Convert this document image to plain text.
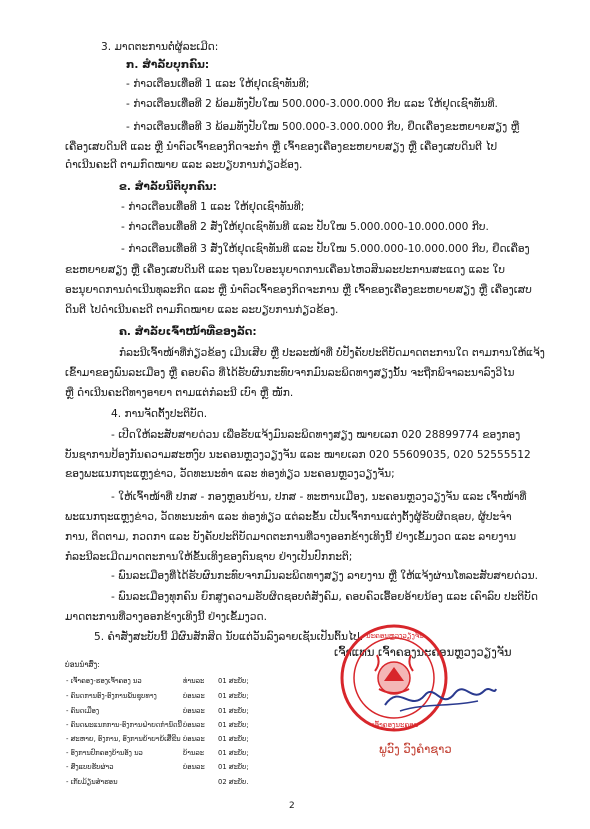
3. ມາດຕະການຕໍ່ຜູ້ລະເມີດ:
ກ. ສຳລັບບຸກຄົນ:
- ກ່າວເຕືອນເທື່ອທີ 1 ແລະ ໃຫ້ຢຸດເຊົາທັນທີ;
- ກ່າວເຕືອນເທື່ອທີ 2 ພ້ອມທັງປັບໃໝ 500.000-3.000.000 ກີບ ແລະ ໃຫ້ຢຸດເຊົາທັນທີ.
- ກ່າວເຕືອນເທື່ອທີ 3 ພ້ອມທັງປັບໃໝ 500.000-3.000.000 ກີບ, ຢຶດເຄື່ອງຂະຫຍາຍສຽງ ຫຼື
ເຄື່ອງເສບດິນຕີ ແລະ ຫຼື ນຳຕົວເຈົ້າຂອງກິດຈະກຳ ຫຼື ເຈົ້າຂອງເຄື່ອງຂະຫຍາຍສຽງ ຫຼື ເຄື່ອງເສບດິນຕີ ໄປ
ດຳເນີນຄະດີ ຕາມກົດໝາຍ ແລະ ລະບຽບການກ່ຽວຂ້ອງ.
ຂ. ສຳລັບນິຕິບຸກຄົນ:
- ກ່າວເຕືອນເທື່ອທີ 1 ແລະ ໃຫ້ຢຸດເຊົາທັນທີ;
- ກ່າວເຕືອນເທື່ອທີ 2 ສັ່ງໃຫ້ຢຸດເຊົາທັນທີ ແລະ ປັບໃໝ 5.000.000-10.000.000 ກີບ.
- ກ່າວເຕືອນເທື່ອທີ 3 ສັ່ງໃຫ້ຢຸດເຊົາທັນທີ ແລະ ປັບໃໝ 5.000.000-10.000.000 ກີບ, ຢຶດເຄື່ອງ
ຂະຫຍາຍສຽງ ຫຼື ເຄື່ອງເສບດິນຕີ ແລະ ຖອນໃບອະນຸຍາດການເຄື່ອນໄຫວສິນລະປະການສະແດງ ແລະ ໃບ
ອະນຸຍາດການດຳເນີນທຸລະກິດ ແລະ ຫຼື ນຳຕົວເຈົ້າຂອງກິດຈະການ ຫຼື ເຈົ້າຂອງເຄື່ອງຂະຫຍາຍສຽງ ຫຼື ເຄື່ອງເສບ
ດິນຕີ ໄປດຳເນີນຄະດີ ຕາມກົດໝາຍ ແລະ ລະບຽບການກ່ຽວຂ້ອງ.
ຄ. ສຳລັບເຈົ້າໜ້າທີ່ຂອງລັດ:
ກໍລະນີເຈົ້າໜ້າທີ່ກ່ຽວຂ້ອງ ເມີນເສີຍ ຫຼື ປະລະໜ້າທີ່ ບໍ່ປັງຄັບປະຕິບັດມາດຕະການໃດ ຕາມການໃຫ້ແຈ້ງ
ເຂົ້າມາຂອງພົນລະເມືອງ ຫຼື ຄອບຄົວ ທີ່ໄດ້ຮັບຜົນກະທົບຈາກມົນລະພິດທາງສຽງນັ້ນ ຈະຖືກພິຈາລະນາລົງວິໄນ
ຫຼື ດຳເນີນຄະດີທາງອາຍາ ຕາມແຕ່ກໍລະນີ ເບົາ ຫຼື ໜັກ.
4. ການຈັດຕັ້ງປະຕິບັດ.
- ເປີດໃຫ້ລະສັບສາຍດ່ວນ ເພື່ອຮັບແຈ້ງມົນລະພິດທາງສຽງ ໝາຍເລກ 020 28899774 ຂອງກອງ
ບັນຊາການປ້ອງກັນຄວາມສະຫງົບ ນະຄອນຫຼວງວຽງຈັນ ແລະ ໝາຍເລກ 020 55609035, 020 52555512
ຂອງພະແນກຖະແຫຼງຂ່າວ, ວັດທະນະທຳ ແລະ ທ່ອງທ່ຽວ ນະຄອນຫຼວງວຽງຈັນ;
- ໃຫ້ເຈົ້າໜ້າທີ່ ປກສ - ກອງຫຼອນບ້ານ, ປກສ - ທະຫານເມືອງ, ນະຄອນຫຼວງວຽງຈັນ ແລະ ເຈົ້າໜ້າທີ່
ພະແນກຖະແຫຼງຂ່າວ, ວັດທະນະທຳ ແລະ ທ່ອງທ່ຽວ ແຕ່ລະຂັ້ນ ເປັນເຈົ້າການແຕ່ງຕັ້ງຜູ້ຮັບຜິດຊອບ, ຜູ້ປະຈຳ
ການ, ຕິດຕາມ, ກວດກາ ແລະ ບັງຄັບປະຕິບັດມາດຕະການທີ່ວາງອອກຂ້າງເທິງນີ້ ຢ່າງເຂັ້ມງວດ ແລະ ລາຍງານ
ກໍລະນີລະເມີດມາດຕະການໃຫ້ຂັ້ນເທິງຂອງຕົນຊາບ ຢ່າງເປັນປົກກະຕິ;
- ພົນລະເມືອງທີ່ໄດ້ຮັບຜົນກະທົບຈາກມົນລະພິດທາງສຽງ ລາຍງານ ຫຼື ໃຫ້ແຈ້ງຜ່ານໂທລະສັບສາຍດ່ວນ.
- ພົນລະເມືອງທຸກຄົນ ຍົກສູງຄວາມຮັບຜິດຊອບຕໍ່ສັງຄົມ, ຄອບຄົວເອື້ອຍອ້າຍນ້ອງ ແລະ ເຄົາລົບ ປະຕິບັດ
ມາດຕະການທີ່ວາງອອກຂ້າງເທິງນີ້ ຢ່າງເຂັ້ມງວດ.
5. ຄຳສັ່ງສະບັບນີ້ ມີຜົນສັກສິດ ນັບແຕ່ວັນລົງລາຍເຊັນເປັນຕົ້ນໄປ.
ເຈົ້າແທນ ເຈົ້າຄອງນະຄອນຫຼວງວຽງຈັນ
ນະຄອນຫຼວງວຽງຈັນ
ເຈົ້າຄອງນະຄອນ
ພູວົງ ວົງຄຳຊາວ
ບ່ອນນຳສົ່ງ:
- ເຈົ້າຄອງ-ຮອງເຈົ້າຄອງ ນວ	ທ່ານລະ 01 ສະບັບ;
- ຄົນດການອົງ-ອົງການພັນຊຸບທາງ	ບ່ອນລະ 01 ສະບັບ;
- ຄົນດເມືອງ	ບ່ອນລະ 01 ສະບັບ;
- ຄົນດພະແນກການ-ອົງການຝ່າຍດກຳນົດນີ້ ບ່ອນລະ 01 ສະບັບ;
- ສະຫາຍ, ອົງການ, ອົງການຍ້າຍາຍ້ເສື້ຂີນ ບ່ອນລະ 01 ສະບັບ;
- ອົງການປົກຄອງບ້ານອັງ ນວ	ບ້ານລະ 01 ສະບັບ;
- ສົ່ງແບບຮັບຜ່າວ	ບ່ອນລະ 01 ສະບັບ;
- ເກັບມ້ຽນສຳຮອນ	02 ສະບັບ.
2
